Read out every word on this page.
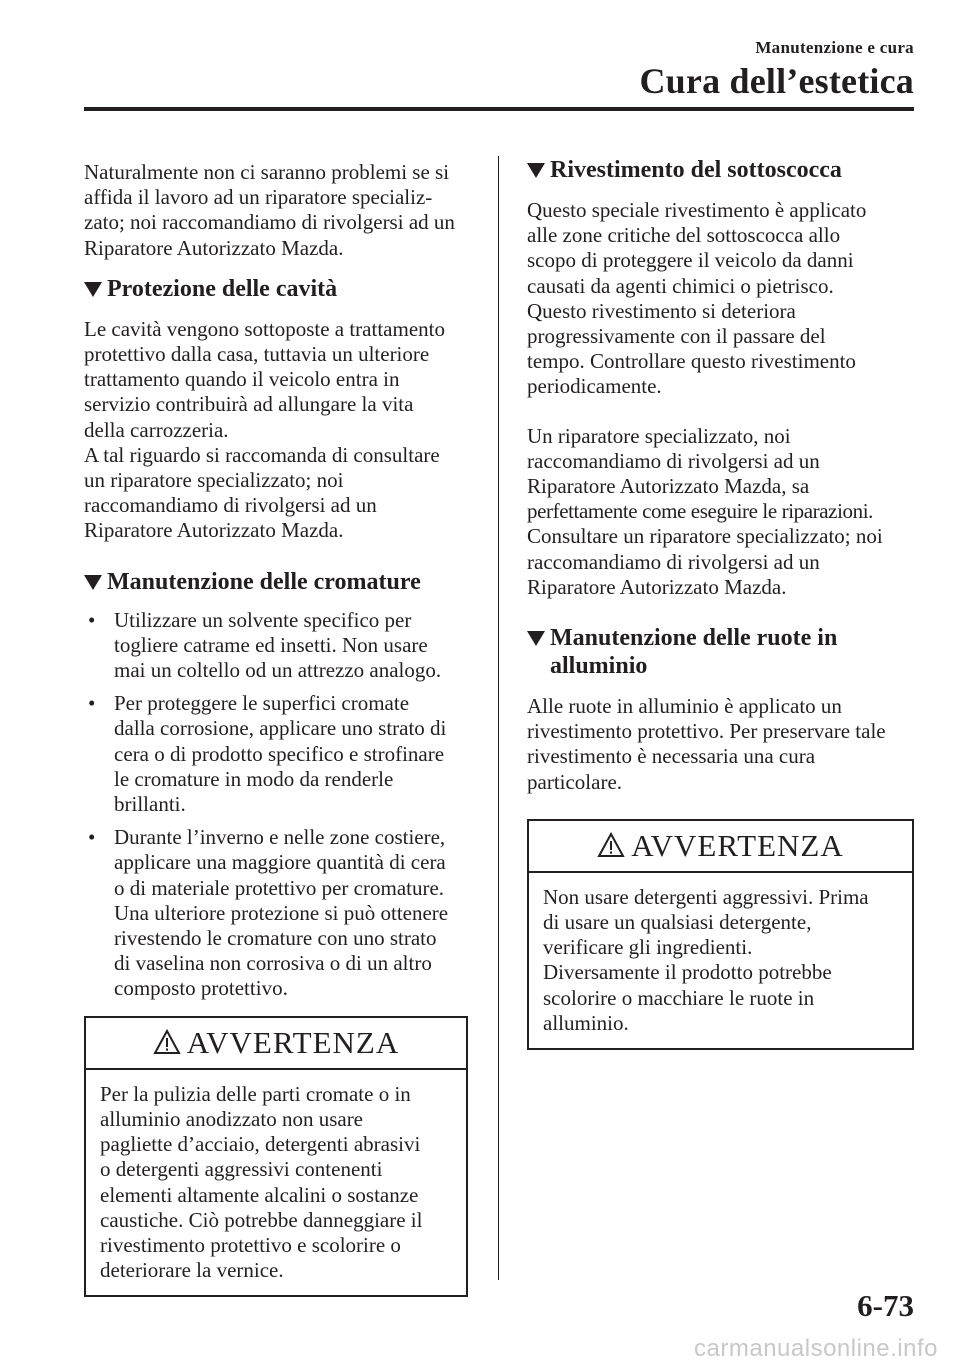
Manutenzione e cura
Cura dell’estetica

Naturalmente non ci saranno problemi se si

affida il lavoro ad un riparatore specializ-

zato; noi raccomandiamo di rivolgersi ad un

Riparatore Autorizzato Mazda.

Protezione delle cavità

Le cavità vengono sottoposte a trattamento

protettivo dalla casa, tuttavia un ulteriore

trattamento quando il veicolo entra in

servizio contribuirà ad allungare la vita

della carrozzeria.

A tal riguardo si raccomanda di consultare

un riparatore specializzato; noi

raccomandiamo di rivolgersi ad un

Riparatore Autorizzato Mazda.

Manutenzione delle cromature
• Utilizzare un solvente specifico per
togliere catrame ed insetti. Non usare
mai un coltello od un attrezzo analogo.
• Per proteggere le superfici cromate
dalla corrosione, applicare uno strato di
cera o di prodotto specifico e strofinare
le cromature in modo da renderle
brillanti.
• Durante l’inverno e nelle zone costiere,
applicare una maggiore quantità di cera
o di materiale protettivo per cromature.
Una ulteriore protezione si può ottenere
rivestendo le cromature con uno strato
di vaselina non corrosiva o di un altro
composto protettivo.
AVVERTENZA
Per la pulizia delle parti cromate o in
alluminio anodizzato non usare
pagliette d’acciaio, detergenti abrasivi
o detergenti aggressivi contenenti
elementi altamente alcalini o sostanze
caustiche. Ciò potrebbe danneggiare il
rivestimento protettivo e scolorire o
deteriorare la vernice.
Rivestimento del sottoscocca

Questo speciale rivestimento è applicato

alle zone critiche del sottoscocca allo

scopo di proteggere il veicolo da danni

causati da agenti chimici o pietrisco.

Questo rivestimento si deteriora

progressivamente con il passare del

tempo. Controllare questo rivestimento

periodicamente.

Un riparatore specializzato, noi

raccomandiamo di rivolgersi ad un

Riparatore Autorizzato Mazda, sa

perfettamente come eseguire le riparazioni.

Consultare un riparatore specializzato; noi

raccomandiamo di rivolgersi ad un

Riparatore Autorizzato Mazda.

Manutenzione delle ruote in
alluminio

Alle ruote in alluminio è applicato un

rivestimento protettivo. Per preservare tale

rivestimento è necessaria una cura

particolare.

AVVERTENZA
Non usare detergenti aggressivi. Prima
di usare un qualsiasi detergente,
verificare gli ingredienti.
Diversamente il prodotto potrebbe
scolorire o macchiare le ruote in
alluminio.
6-73
carmanualsonline.info
